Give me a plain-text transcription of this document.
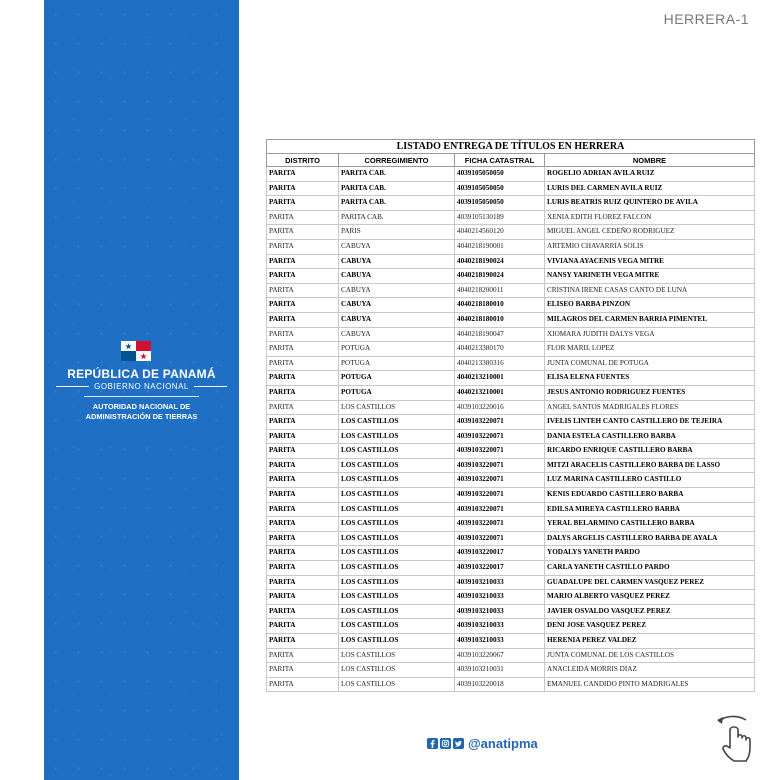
REPÚBLICA DE PANAMÁ
GOBIERNO NACIONAL
AUTORIDAD NACIONAL DE
ADMINISTRACIÓN DE TIERRAS
HERRERA-1
LISTADO ENTREGA DE TÍTULOS EN HERRERA			
DISTRITO	CORREGIMIENTO	FICHA CATASTRAL	NOMBRE
PARITA	PARITA CAB.	4039105050050	ROGELIO ADRIAN AVILA RUIZ
PARITA	PARITA CAB.	4039105050050	LURIS DEL CARMEN AVILA RUIZ
PARITA	PARITA CAB.	4039105050050	LURIS BEATRIS RUIZ QUINTERO DE AVILA
PARITA	PARITA CAB.	4039105130189	XENIA EDITH FLOREZ FALCON
PARITA	PARIS	4040214560120	MIGUEL ANGEL CEDEÑO RODRIGUEZ
PARITA	CABUYA	4040218190001	ARTEMIO CHAVARRIA SOLIS
PARITA	CABUYA	4040218190024	VIVIANA AYACENIS VEGA MITRE
PARITA	CABUYA	4040218190024	NANSY YARINETH VEGA MITRE
PARITA	CABUYA	4040218200011	CRISTINA IRENE CASAS CANTO DE LUNA
PARITA	CABUYA	4040218180010	ELISEO BARBA PINZON
PARITA	CABUYA	4040218180010	MILAGROS DEL CARMEN BARRIA PIMENTEL
PARITA	CABUYA	4040218190047	XIOMARA JUDITH DALYS VEGA
PARITA	POTUGA	4040213380170	FLOR MARIL LOPEZ
PARITA	POTUGA	4040213380316	JUNTA COMUNAL DE POTUGA
PARITA	POTUGA	4040213210001	ELISA ELENA FUENTES
PARITA	POTUGA	4040213210001	JESUS ANTONIO RODRIGUEZ FUENTES
PARITA	LOS CASTILLOS	4039103220016	ANGEL SANTOS MADRIGALES FLORES
PARITA	LOS CASTILLOS	4039103220071	IVELIS LINTEH CANTO CASTILLERO DE TEJEIRA
PARITA	LOS CASTILLOS	4039103220071	DANIA ESTELA CASTILLERO BARBA
PARITA	LOS CASTILLOS	4039103220071	RICARDO ENRIQUE CASTILLERO BARBA
PARITA	LOS CASTILLOS	4039103220071	MITZI ARACELIS CASTILLERO BARBA DE LASSO
PARITA	LOS CASTILLOS	4039103220071	LUZ MARINA CASTILLERO CASTILLO
PARITA	LOS CASTILLOS	4039103220071	KENIS EDUARDO CASTILLERO BARBA
PARITA	LOS CASTILLOS	4039103220071	EDILSA MIREYA CASTILLERO BARBA
PARITA	LOS CASTILLOS	4039103220071	YERAL BELARMINO CASTILLERO BARBA
PARITA	LOS CASTILLOS	4039103220071	DALYS ARGELIS CASTILLERO BARBA DE AYALA
PARITA	LOS CASTILLOS	4039103220017	YODALYS YANETH PARDO
PARITA	LOS CASTILLOS	4039103220017	CARLA YANETH CASTILLO PARDO
PARITA	LOS CASTILLOS	4039103210033	GUADALUPE DEL CARMEN VASQUEZ PEREZ
PARITA	LOS CASTILLOS	4039103210033	MARIO ALBERTO VASQUEZ PEREZ
PARITA	LOS CASTILLOS	4039103210033	JAVIER OSVALDO VASQUEZ PEREZ
PARITA	LOS CASTILLOS	4039103210033	DENI JOSE VASQUEZ PEREZ
PARITA	LOS CASTILLOS	4039103210033	HERENIA PEREZ VALDEZ
PARITA	LOS CASTILLOS	4039103220067	JUNTA COMUNAL DE LOS CASTILLOS
PARITA	LOS CASTILLOS	4039103210031	ANACLEIDA MORRIS DIAZ
PARITA	LOS CASTILLOS	4039103220018	EMANUEL CANDIDO PINTO MADRIGALES
@anatipma
